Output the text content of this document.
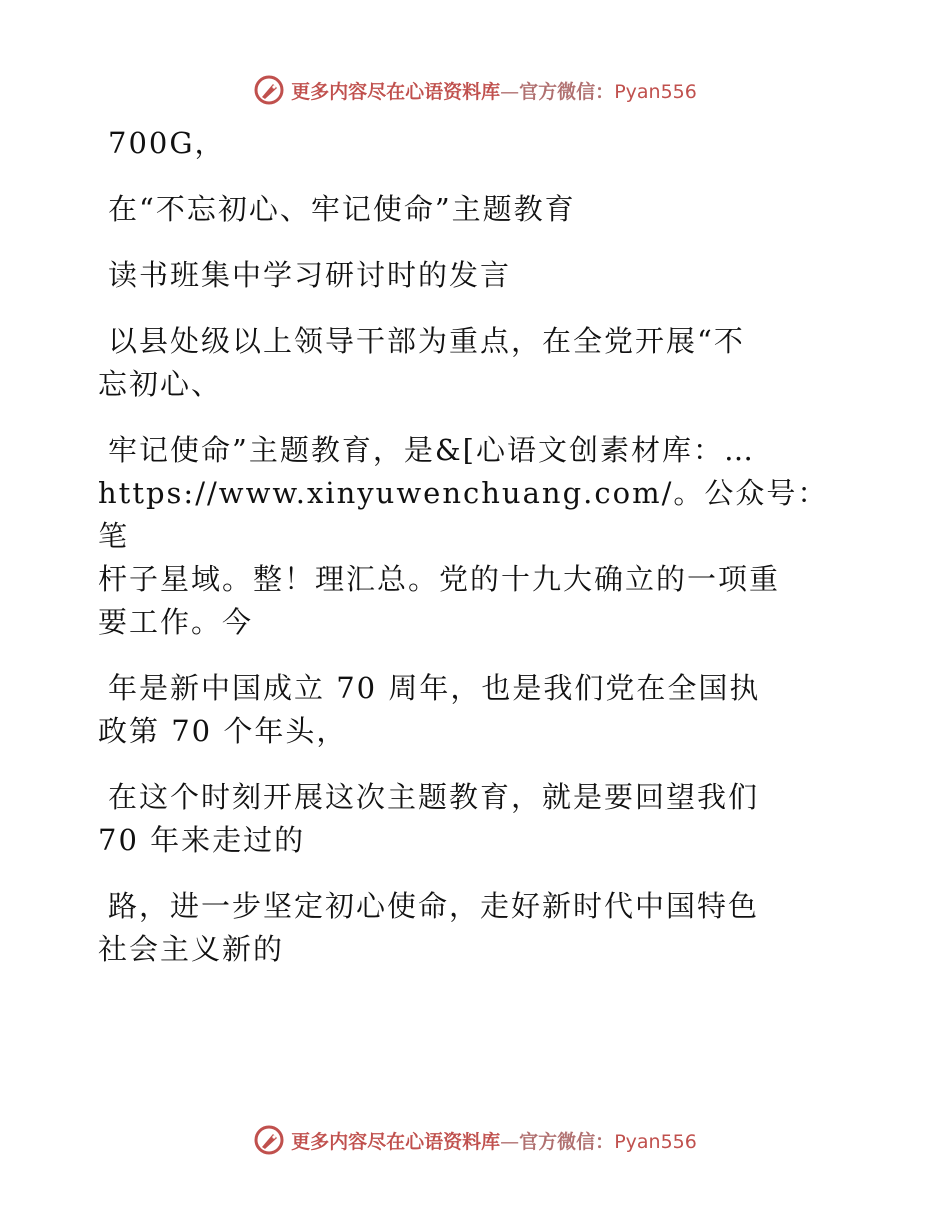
更多内容尽在心语资料库—官方微信：Pyan556

700G，

在“不忘初心、牢记使命”主题教育

读书班集中学习研讨时的发言

以县处级以上领导干部为重点，在全党开展“不
忘初心、

牢记使命”主题教育，是&[心语文创素材库：…
https://www.xinyuwenchuang.com/。公众号：笔
杆子星域。整！理汇总。党的十九大确立的一项重
要工作。今

年是新中国成立 70 周年，也是我们党在全国执
政第 70 个年头，

在这个时刻开展这次主题教育，就是要回望我们
70 年来走过的

路，进一步坚定初心使命，走好新时代中国特色
社会主义新的

更多内容尽在心语资料库—官方微信：Pyan556
